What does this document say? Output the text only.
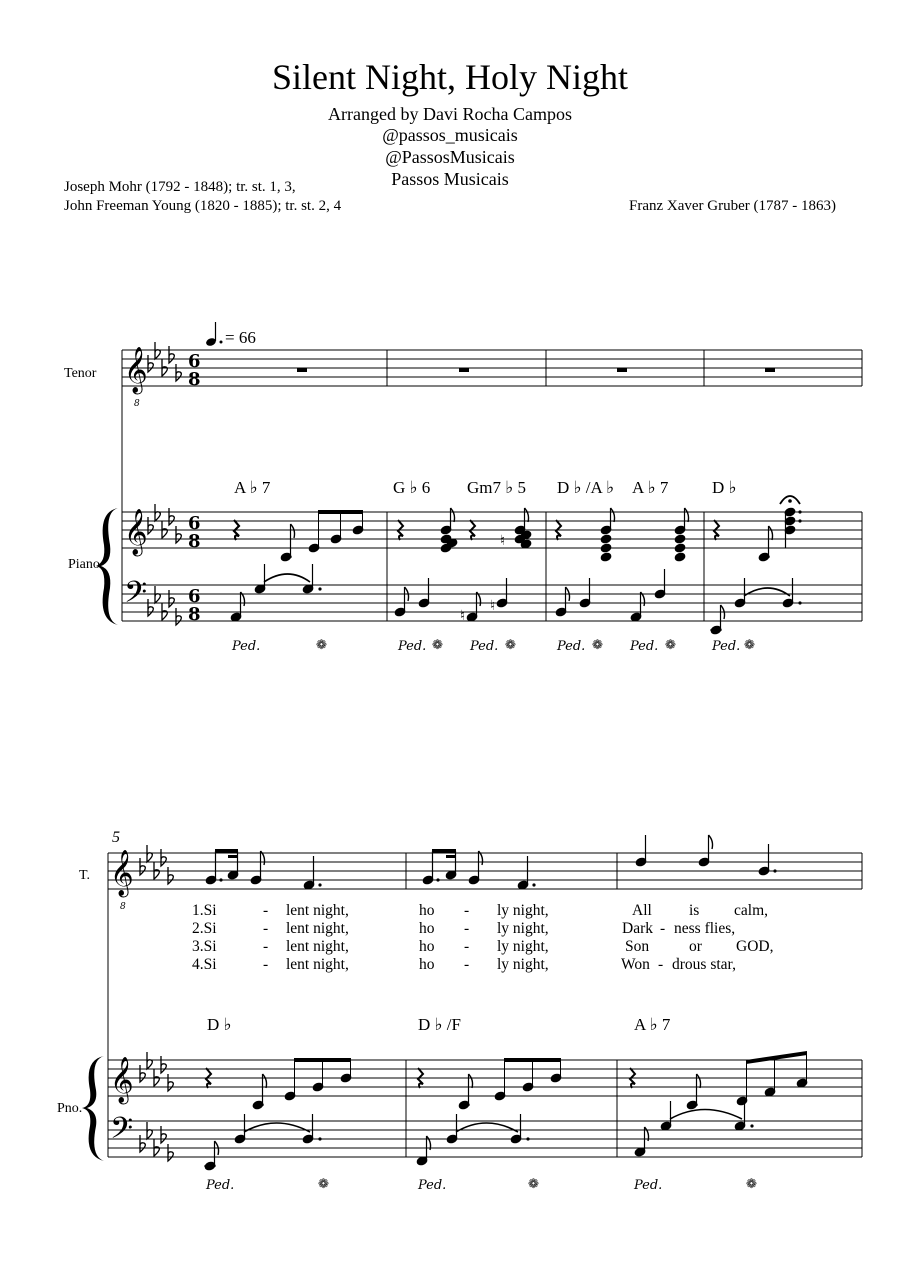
Silent Night, Holy Night
Arranged by Davi Rocha Campos
@passos_musicais
@PassosMusicais
Passos Musicais
Joseph Mohr (1792 - 1848); tr. st. 1, 3,
John Freeman Young (1820 - 1885); tr. st. 2, 4	Franz Xaver Gruber (1787 - 1863)
𝄞
8
𝄞
𝄢
6
8
6
8
6
8
♮
♮
♮
𝄞
8
𝄞
𝄢
= 66
Tenor
Piano
A ♭ 7	G ♭ 6 Gm7 ♭ 5 D ♭ /A ♭ A ♭ 7	D ♭
Ped.	❁	Ped. ❁ Ped. ❁	Ped. ❁ Ped. ❁	Ped. ❁
5
T.
Pno.
D ♭	D ♭ /F	A ♭ 7
1.Si	- lent night,	ho - ly night,	All is calm,
2.Si	- lent night,	ho - ly night,	Dark - ness flies,
3.Si	- lent night,	ho - ly night,	Son	or GOD,
4.Si	- lent night,	ho - ly night,	Won - drous star,
Ped.	❁	Ped.	❁	Ped.	❁
